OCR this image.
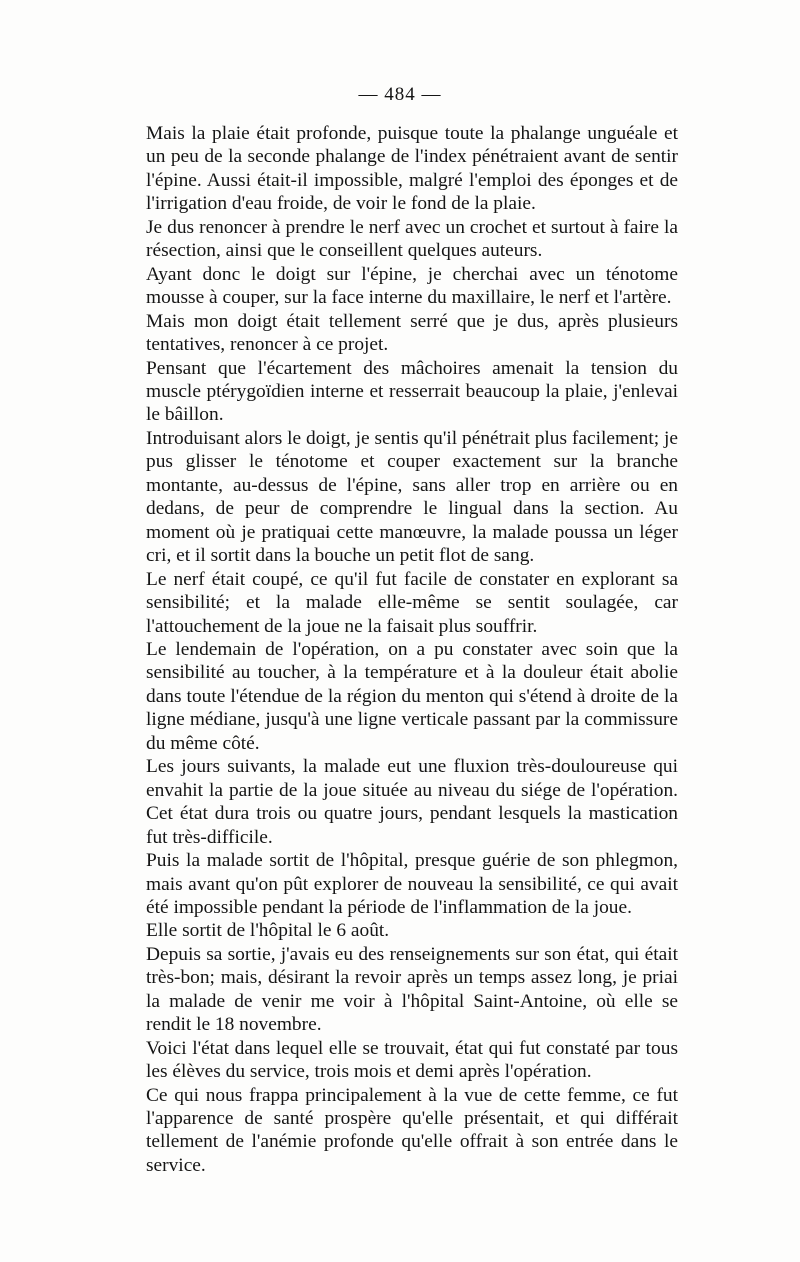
— 484 —

Mais la plaie était profonde, puisque toute la phalange unguéale et un peu de la seconde phalange de l'index pénétraient avant de sentir l'épine. Aussi était-il impossible, malgré l'emploi des éponges et de l'irrigation d'eau froide, de voir le fond de la plaie.

Je dus renoncer à prendre le nerf avec un crochet et surtout à faire la résection, ainsi que le conseillent quelques auteurs.

Ayant donc le doigt sur l'épine, je cherchai avec un ténotome mousse à couper, sur la face interne du maxillaire, le nerf et l'artère.

Mais mon doigt était tellement serré que je dus, après plusieurs tentatives, renoncer à ce projet.

Pensant que l'écartement des mâchoires amenait la tension du muscle ptérygoïdien interne et resserrait beaucoup la plaie, j'enlevai le bâillon.

Introduisant alors le doigt, je sentis qu'il pénétrait plus facilement; je pus glisser le ténotome et couper exactement sur la branche montante, au-dessus de l'épine, sans aller trop en arrière ou en dedans, de peur de comprendre le lingual dans la section. Au moment où je pratiquai cette manœuvre, la malade poussa un léger cri, et il sortit dans la bouche un petit flot de sang.

Le nerf était coupé, ce qu'il fut facile de constater en explorant sa sensibilité; et la malade elle-même se sentit soulagée, car l'attouchement de la joue ne la faisait plus souffrir.

Le lendemain de l'opération, on a pu constater avec soin que la sensibilité au toucher, à la température et à la douleur était abolie dans toute l'étendue de la région du menton qui s'étend à droite de la ligne médiane, jusqu'à une ligne verticale passant par la commissure du même côté.

Les jours suivants, la malade eut une fluxion très-douloureuse qui envahit la partie de la joue située au niveau du siége de l'opération. Cet état dura trois ou quatre jours, pendant lesquels la mastication fut très-difficile.

Puis la malade sortit de l'hôpital, presque guérie de son phlegmon, mais avant qu'on pût explorer de nouveau la sensibilité, ce qui avait été impossible pendant la période de l'inflammation de la joue.

Elle sortit de l'hôpital le 6 août.

Depuis sa sortie, j'avais eu des renseignements sur son état, qui était très-bon; mais, désirant la revoir après un temps assez long, je priai la malade de venir me voir à l'hôpital Saint-Antoine, où elle se rendit le 18 novembre.

Voici l'état dans lequel elle se trouvait, état qui fut constaté par tous les élèves du service, trois mois et demi après l'opération.

Ce qui nous frappa principalement à la vue de cette femme, ce fut l'apparence de santé prospère qu'elle présentait, et qui différait tellement de l'anémie profonde qu'elle offrait à son entrée dans le service.
